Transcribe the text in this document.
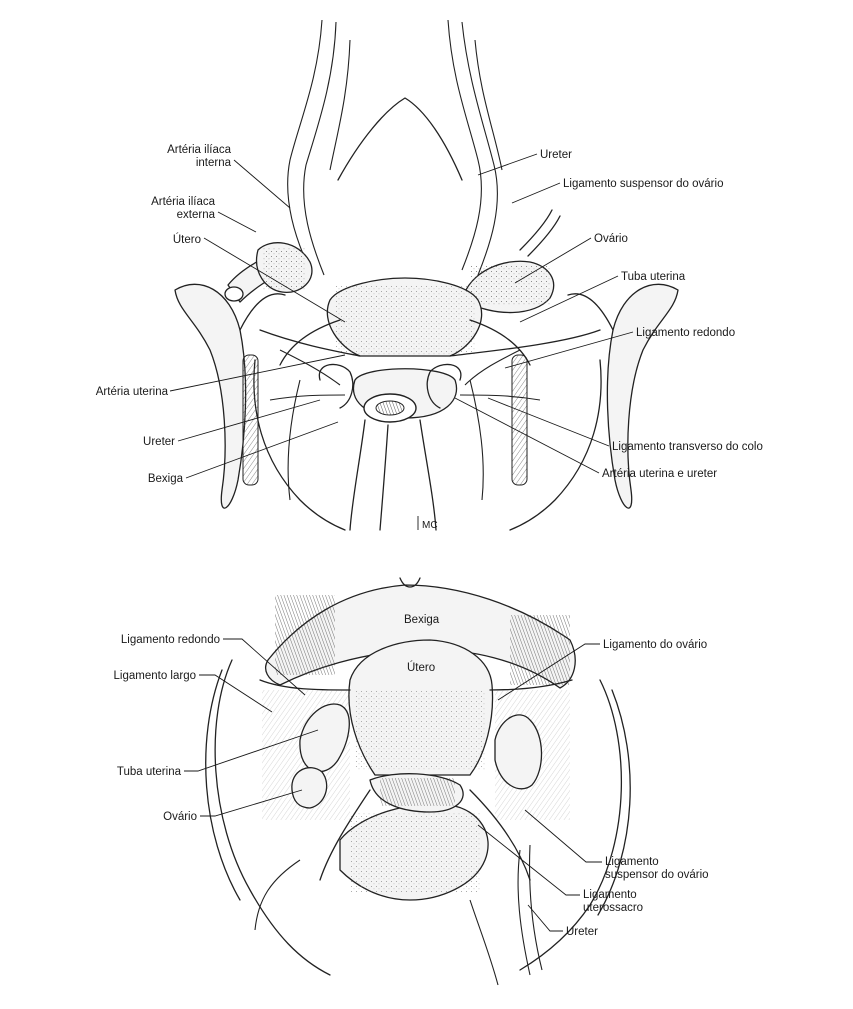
Artéria ilíaca interna
Artéria ilíaca externa
Útero
Artéria uterina
Ureter
Bexiga
Ureter
Ligamento suspensor do ovário
Ovário
Tuba uterina
Ligamento redondo
Ligamento transverso do colo
Artéria uterina e ureter
MC
Bexiga
Útero
Ligamento redondo
Ligamento largo
Tuba uterina
Ovário
Ligamento do ovário
Ligamento suspensor do ovário
Ligamento uterossacro
Ureter
